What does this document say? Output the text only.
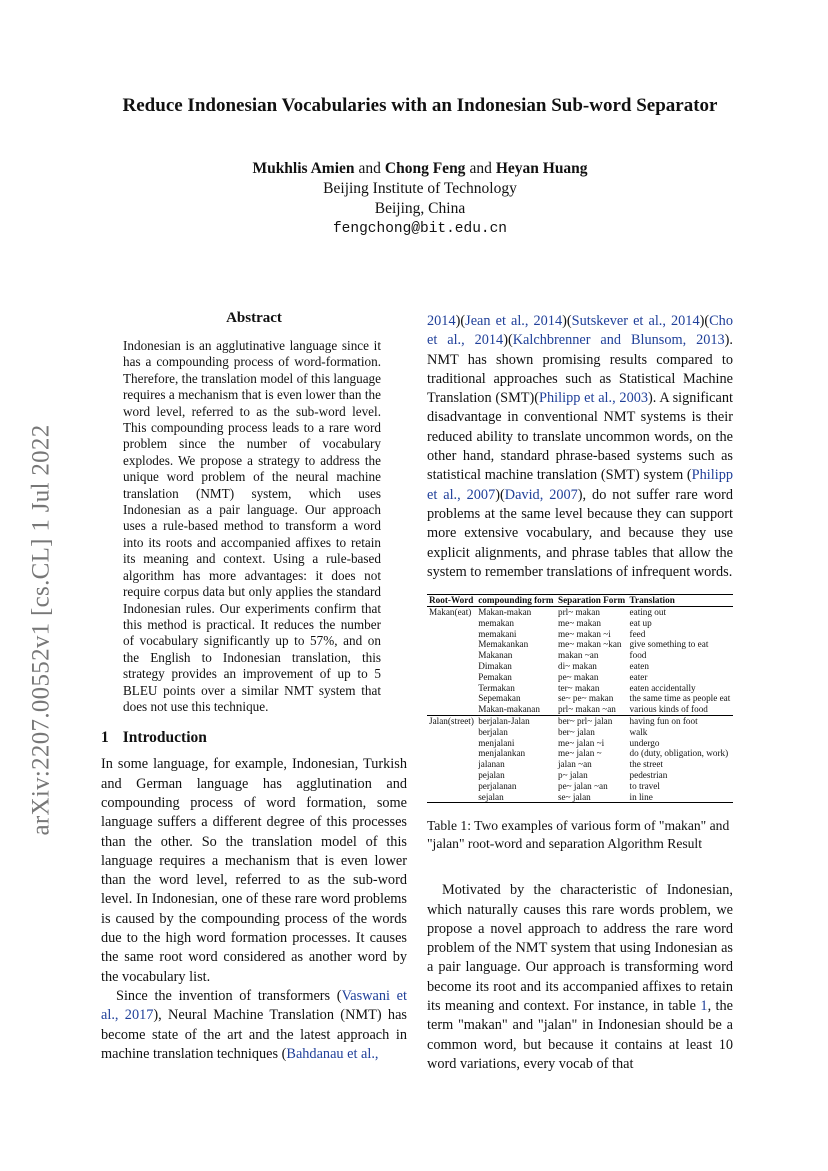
arXiv:2207.00552v1 [cs.CL] 1 Jul 2022
Reduce Indonesian Vocabularies with an Indonesian Sub-word Separator
Mukhlis Amien and Chong Feng and Heyan Huang
Beijing Institute of Technology
Beijing, China
fengchong@bit.edu.cn
Abstract

Indonesian is an agglutinative language since it has a compounding process of word-formation. Therefore, the translation model of this language requires a mechanism that is even lower than the word level, referred to as the sub-word level. This compounding process leads to a rare word problem since the number of vocabulary explodes. We propose a strategy to address the unique word problem of the neural machine translation (NMT) system, which uses Indonesian as a pair language. Our approach uses a rule-based method to transform a word into its roots and accompanied affixes to retain its meaning and context. Using a rule-based algorithm has more advantages: it does not require corpus data but only applies the standard Indonesian rules. Our experiments confirm that this method is practical. It reduces the number of vocabulary significantly up to 57%, and on the English to Indonesian translation, this strategy provides an improvement of up to 5 BLEU points over a similar NMT system that does not use this technique.

1 Introduction

In some language, for example, Indonesian, Turkish and German language has agglutination and compounding process of word formation, some language suffers a different degree of this processes than the other. So the translation model of this language requires a mechanism that is even lower than the word level, referred to as the sub-word level. In Indonesian, one of these rare word problems is caused by the compounding process of the words due to the high word formation processes. It causes the same root word considered as another word by the vocabulary list.

Since the invention of transformers (Vaswani et al., 2017), Neural Machine Translation (NMT) has become state of the art and the latest approach in machine translation techniques (Bahdanau et al.,

2014)(Jean et al., 2014)(Sutskever et al., 2014)(Cho et al., 2014)(Kalchbrenner and Blunsom, 2013). NMT has shown promising results compared to traditional approaches such as Statistical Machine Translation (SMT)(Philipp et al., 2003). A significant disadvantage in conventional NMT systems is their reduced ability to translate uncommon words, on the other hand, standard phrase-based systems such as statistical machine translation (SMT) system (Philipp et al., 2007)(David, 2007), do not suffer rare word problems at the same level because they can support more extensive vocabulary, and because they use explicit alignments, and phrase tables that allow the system to remember translations of infrequent words.

Root-Word	compounding form	Separation Form	Translation
Makan(eat)	Makan-makan	prl~ makan	eating out
	memakan	me~ makan	eat up
	memakani	me~ makan ~i	feed
	Memakankan	me~ makan ~kan	give something to eat
	Makanan	makan ~an	food
	Dimakan	di~ makan	eaten
	Pemakan	pe~ makan	eater
	Termakan	ter~ makan	eaten accidentally
	Sepemakan	se~ pe~ makan	the same time as people eat
	Makan-makanan	prl~ makan ~an	various kinds of food
Jalan(street)	berjalan-Jalan	ber~ prl~ jalan	having fun on foot
	berjalan	ber~ jalan	walk
	menjalani	me~ jalan ~i	undergo
	menjalankan	me~ jalan ~	do (duty, obligation, work)
	jalanan	jalan ~an	the street
	pejalan	p~ jalan	pedestrian
	perjalanan	pe~ jalan ~an	to travel
	sejalan	se~ jalan	in line

Table 1: Two examples of various form of "makan" and "jalan" root-word and separation Algorithm Result

Motivated by the characteristic of Indonesian, which naturally causes this rare words problem, we propose a novel approach to address the rare word problem of the NMT system that using Indonesian as a pair language. Our approach is transforming word become its root and its accompanied affixes to retain its meaning and context. For instance, in table 1, the term "makan" and "jalan" in Indonesian should be a common word, but because it contains at least 10 word variations, every vocab of that
